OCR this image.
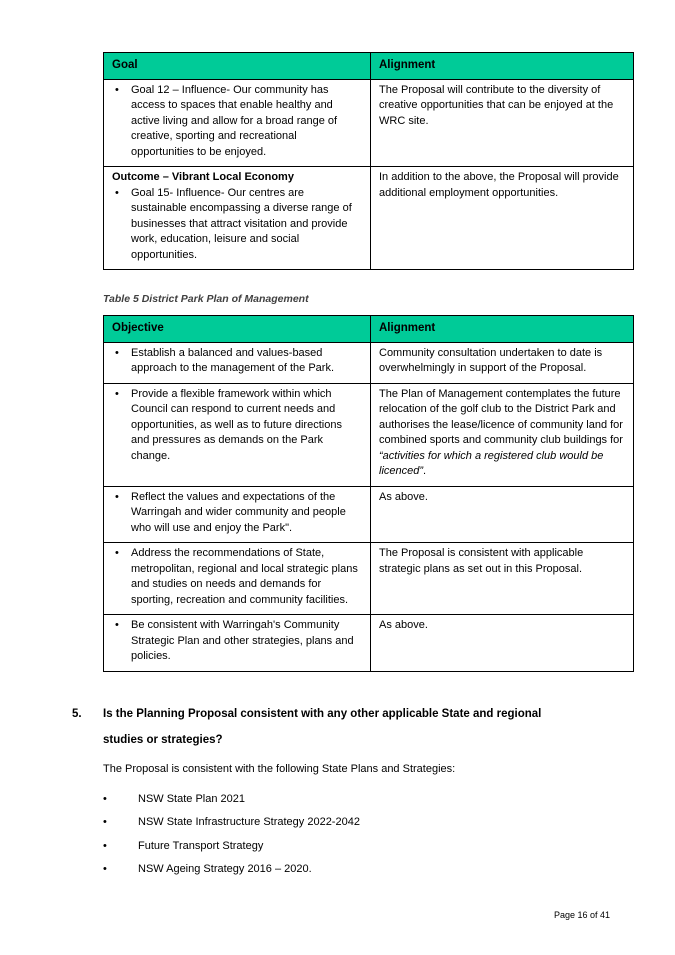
Goal	Alignment

• Goal 12 – Influence- Our community has access to spaces that enable healthy and active living and allow for a broad range of creative, sporting and recreational opportunities to be enjoyed.	The Proposal will contribute to the diversity of creative opportunities that can be enjoyed at the WRC site.

Outcome – Vibrant Local Economy
• Goal 15- Influence- Our centres are sustainable encompassing a diverse range of businesses that attract visitation and provide work, education, leisure and social opportunities.	In addition to the above, the Proposal will provide additional employment opportunities.

Table 5 District Park Plan of Management

Objective	Alignment

• Establish a balanced and values-based approach to the management of the Park.	Community consultation undertaken to date is overwhelmingly in support of the Proposal.

• Provide a flexible framework within which Council can respond to current needs and opportunities, as well as to future directions and pressures as demands on the Park change.	The Plan of Management contemplates the future relocation of the golf club to the District Park and authorises the lease/licence of community land for combined sports and community club buildings for “activities for which a registered club would be licenced”.

• Reflect the values and expectations of the Warringah and wider community and people who will use and enjoy the Park".	As above.

• Address the recommendations of State, metropolitan, regional and local strategic plans and studies on needs and demands for sporting, recreation and community facilities.	The Proposal is consistent with applicable strategic plans as set out in this Proposal.

• Be consistent with Warringah's Community Strategic Plan and other strategies, plans and policies.	As above.
5.	Is the Planning Proposal consistent with any other applicable State and regional
studies or strategies?

The Proposal is consistent with the following State Plans and Strategies:

•	NSW State Plan 2021
•	NSW State Infrastructure Strategy 2022-2042
•	Future Transport Strategy
•	NSW Ageing Strategy 2016 – 2020.
Page 16 of 41
